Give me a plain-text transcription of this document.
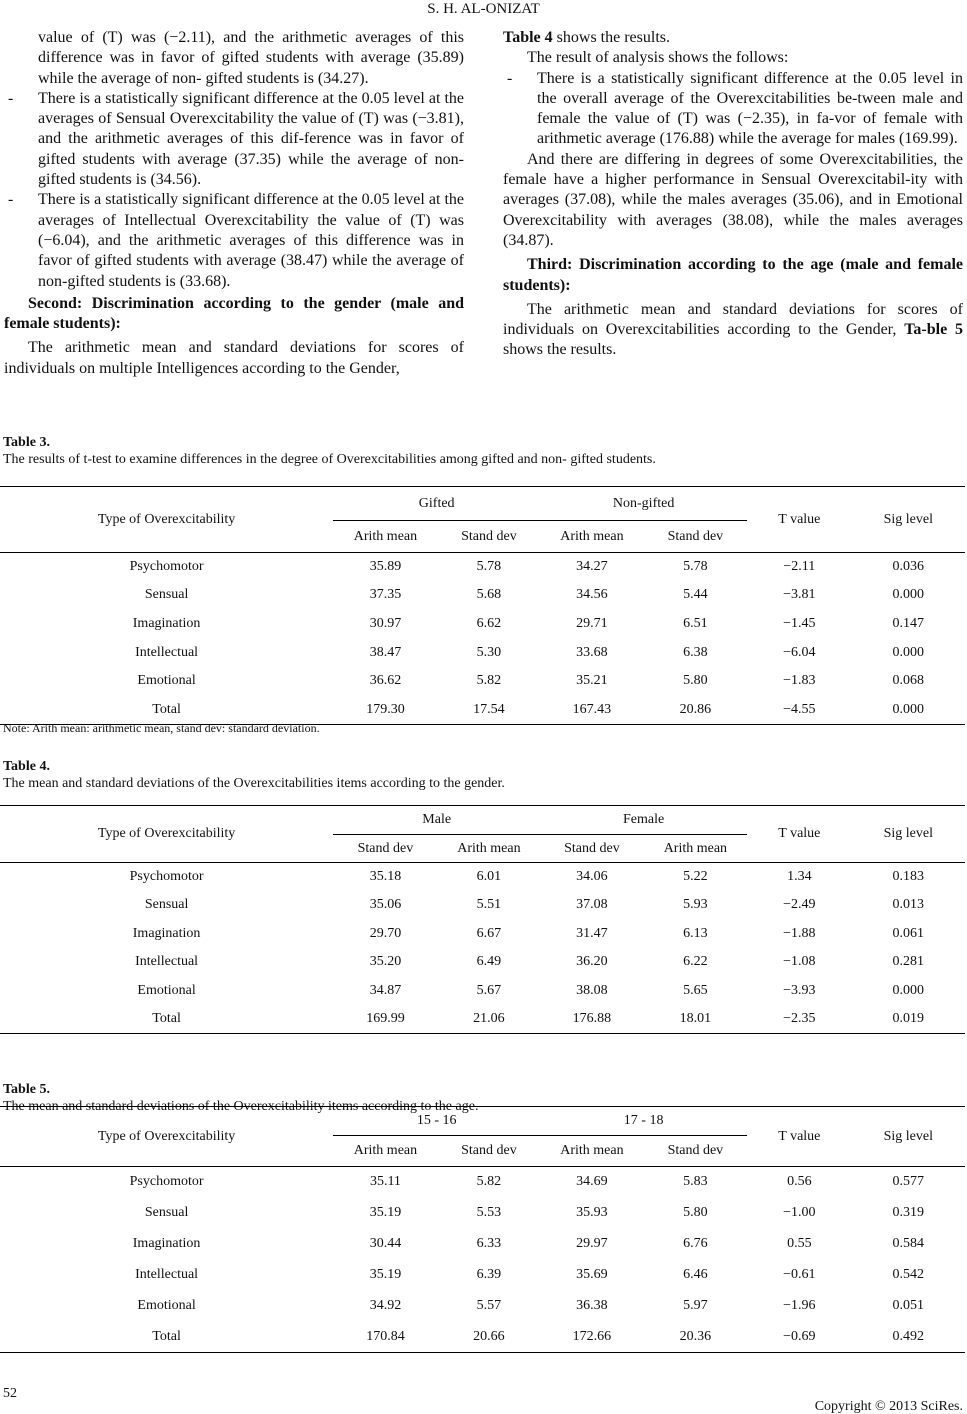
S. H. AL-ONIZAT

value of (T) was (−2.11), and the arithmetic averages of this difference was in favor of gifted students with average (35.89) while the average of non- gifted students is (34.27).

- There is a statistically significant difference at the 0.05 level at the averages of Sensual Overexcitability the value of (T) was (−3.81), and the arithmetic averages of this dif-ference was in favor of gifted students with average (37.35) while the average of non-gifted students is (34.56).

- There is a statistically significant difference at the 0.05 level at the averages of Intellectual Overexcitability the value of (T) was (−6.04), and the arithmetic averages of this difference was in favor of gifted students with average (38.47) while the average of non-gifted students is (33.68).

Second: Discrimination according to the gender (male and female students):

The arithmetic mean and standard deviations for scores of individuals on multiple Intelligences according to the Gender,

Table 4 shows the results.

The result of analysis shows the follows:

- There is a statistically significant difference at the 0.05 level in the overall average of the Overexcitabilities be-tween male and female the value of (T) was (−2.35), in fa-vor of female with arithmetic average (176.88) while the average for males (169.99).

And there are differing in degrees of some Overexcitabilities, the female have a higher performance in Sensual Overexcitabil-ity with averages (37.08), while the males averages (35.06), and in Emotional Overexcitability with averages (38.08), while the males averages (34.87).

Third: Discrimination according to the age (male and female students):

The arithmetic mean and standard deviations for scores of individuals on Overexcitabilities according to the Gender, Ta-ble 5 shows the results.

Table 3.
The results of t-test to examine differences in the degree of Overexcitabilities among gifted and non- gifted students.
Type of Overexcitability	Gifted		Non-gifted		T value	Sig level
	Arith mean	Stand dev	Arith mean	Stand dev		
Psychomotor	35.89	5.78	34.27	5.78	−2.11	0.036
Sensual	37.35	5.68	34.56	5.44	−3.81	0.000
Imagination	30.97	6.62	29.71	6.51	−1.45	0.147
Intellectual	38.47	5.30	33.68	6.38	−6.04	0.000
Emotional	36.62	5.82	35.21	5.80	−1.83	0.068
Total	179.30	17.54	167.43	20.86	−4.55	0.000
Table 4.
The mean and standard deviations of the Overexcitabilities items according to the gender.
Type of Overexcitability	Male		Female		T value	Sig level
	Stand dev	Arith mean	Stand dev	Arith mean		
Psychomotor	35.18	6.01	34.06	5.22	1.34	0.183
Sensual	35.06	5.51	37.08	5.93	−2.49	0.013
Imagination	29.70	6.67	31.47	6.13	−1.88	0.061
Intellectual	35.20	6.49	36.20	6.22	−1.08	0.281
Emotional	34.87	5.67	38.08	5.65	−3.93	0.000
Total	169.99	21.06	176.88	18.01	−2.35	0.019
Table 5.
The mean and standard deviations of the Overexcitability items according to the age.
Type of Overexcitability	15 - 16		17 - 18		T value	Sig level
	Arith mean	Stand dev	Arith mean	Stand dev		
Psychomotor	35.11	5.82	34.69	5.83	0.56	0.577
Sensual	35.19	5.53	35.93	5.80	−1.00	0.319
Imagination	30.44	6.33	29.97	6.76	0.55	0.584
Intellectual	35.19	6.39	35.69	6.46	−0.61	0.542
Emotional	34.92	5.57	36.38	5.97	−1.96	0.051
Total	170.84	20.66	172.66	20.36	−0.69	0.492
Note: Arith mean: arithmetic mean, stand dev: standard deviation.
52
Copyright © 2013 SciRes.
